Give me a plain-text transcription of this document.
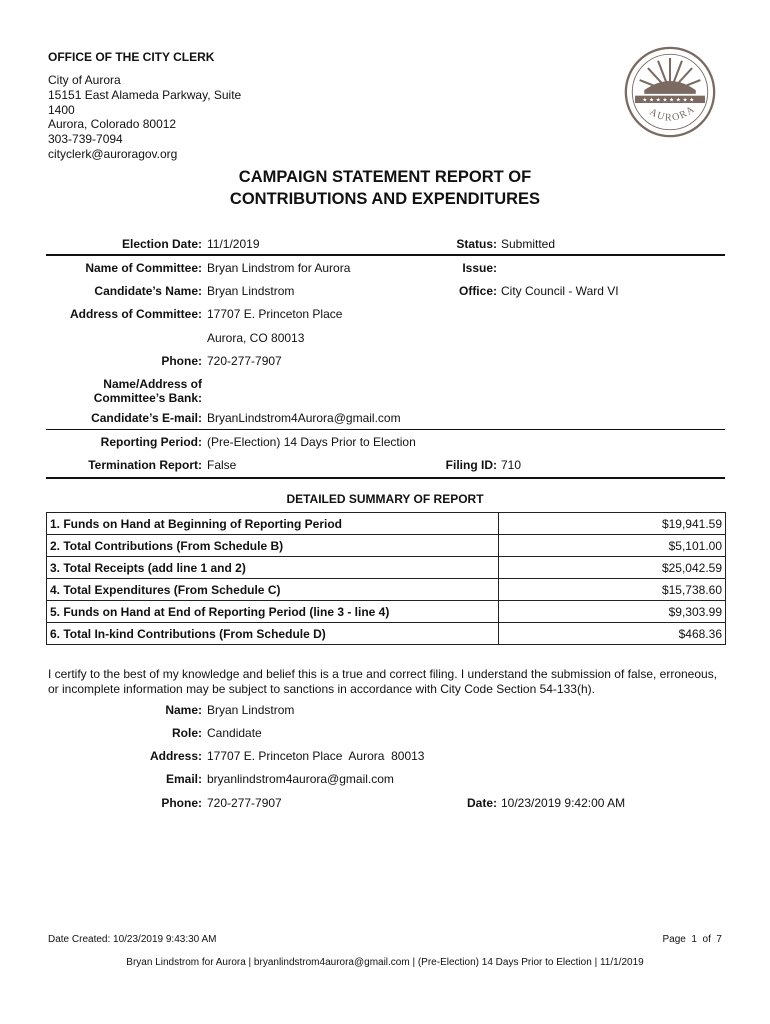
OFFICE OF THE CITY CLERK
City of Aurora
15151 East Alameda Parkway, Suite
1400
Aurora, Colorado 80012
303-739-7094
cityclerk@auroragov.org
★ ★ ★ ★ ★ ★ ★ ★
AURORA
CAMPAIGN STATEMENT REPORT OF
CONTRIBUTIONS AND EXPENDITURES
Election Date: 11/1/2019	Status: Submitted
Name of Committee: Bryan Lindstrom for Aurora	Issue:
Candidate’s Name: Bryan Lindstrom	Office: City Council - Ward VI
Address of Committee: 17707 E. Princeton Place
Aurora, CO 80013
Phone: 720-277-7907
Name/Address of
Committee’s Bank:
Candidate’s E-mail: BryanLindstrom4Aurora@gmail.com
Reporting Period: (Pre-Election) 14 Days Prior to Election
Termination Report: False	Filing ID: 710
DETAILED SUMMARY OF REPORT
1. Funds on Hand at Beginning of Reporting Period	$19,941.59
2. Total Contributions (From Schedule B)	$5,101.00
3. Total Receipts (add line 1 and 2)	$25,042.59
4. Total Expenditures (From Schedule C)	$15,738.60
5. Funds on Hand at End of Reporting Period (line 3 - line 4)	$9,303.99
6. Total In-kind Contributions (From Schedule D)	$468.36
I certify to the best of my knowledge and belief this is a true and correct filing. I understand the submission of false, erroneous, or incomplete information may be subject to sanctions in accordance with City Code Section 54-133(h).
Name: Bryan Lindstrom
Role: Candidate
Address: 17707 E. Princeton Place  Aurora  80013
Email: bryanlindstrom4aurora@gmail.com
Phone: 720-277-7907	Date: 10/23/2019 9:42:00 AM
Date Created: 10/23/2019 9:43:30 AM	Page  1  of  7
Bryan Lindstrom for Aurora | bryanlindstrom4aurora@gmail.com | (Pre-Election) 14 Days Prior to Election | 11/1/2019
